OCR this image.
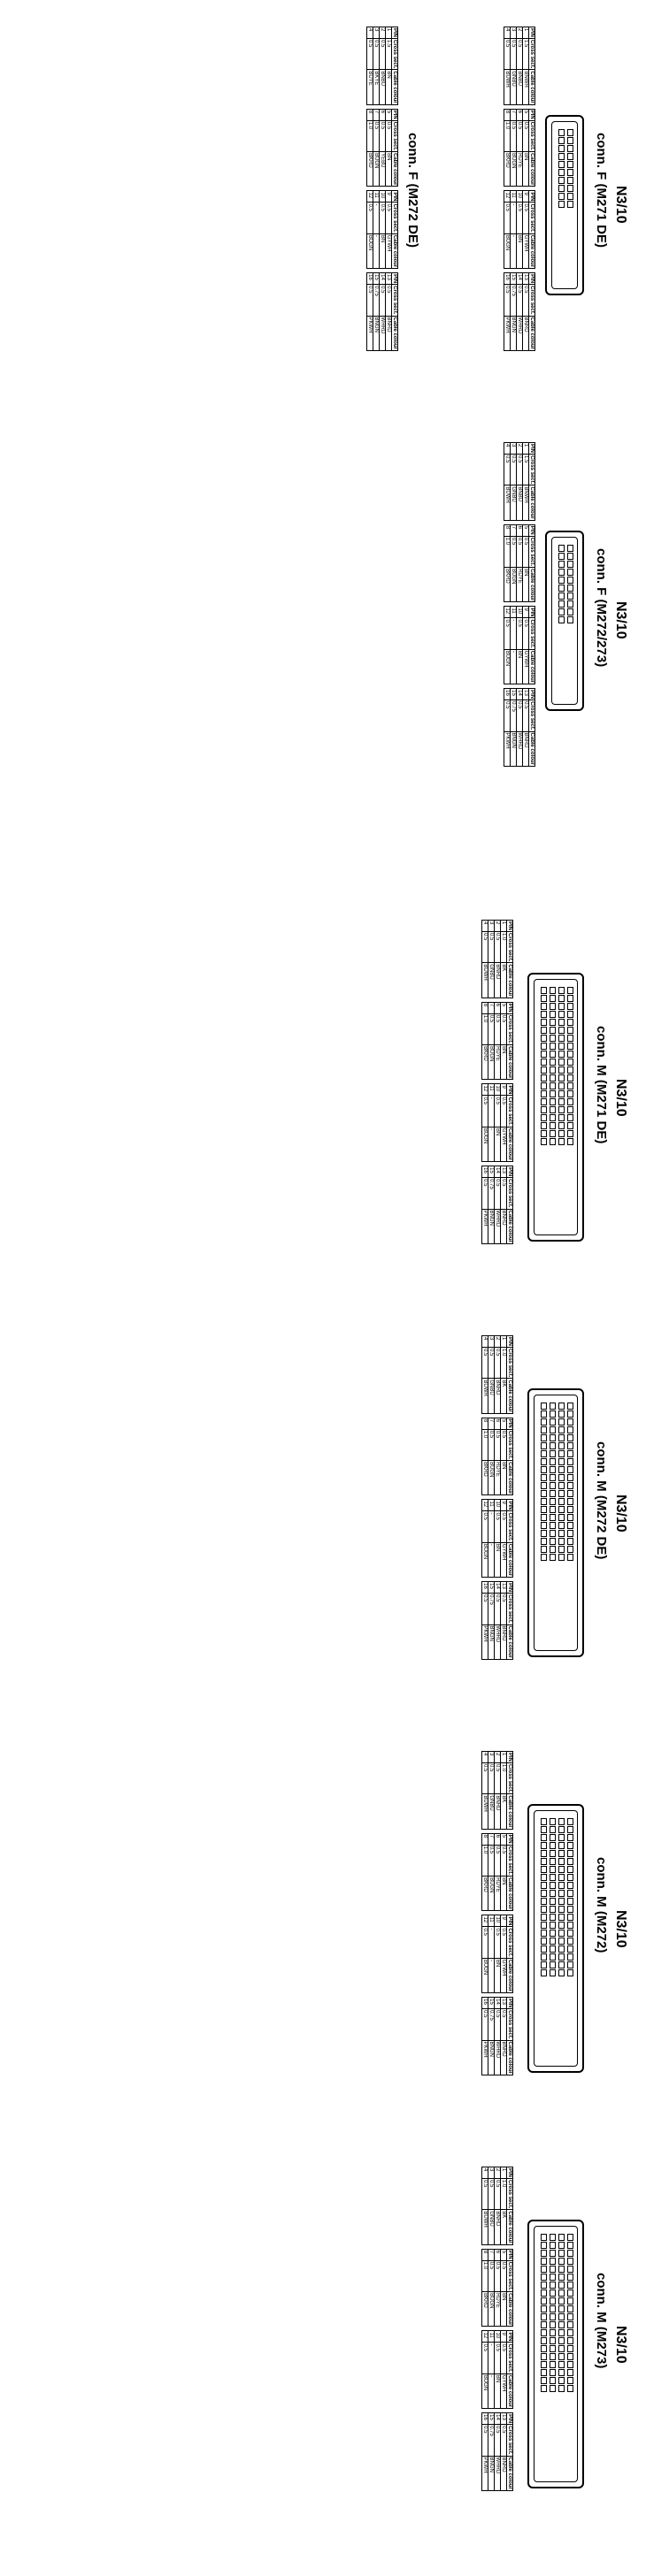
N3/10
conn. F (M271 DE)
PIN	Cross sect.	Cable colour		PIN	Cross sect.	Cable colour		PIN	Cross sect.	Cable colour		PIN	Cross sect.	Cable colour
1	1.5	BNWH		5	0.5	BN		9	0.5	GYWH		13	0.5	BNRD
2	0.5	BNBU		6	0.5	RDYE		10	0.5	BN		14	0.5	WHRD
3	0.5	GNBU		7	0.5	BUGN		11	-	-		15	0.75	BNGN
4	0.5	BUWH		8	1.0	BKRD		12	0.5	BUGN		16	0.5	PKWH
PIN	Cross sect.	Cable colour		PIN	Cross sect.	Cable colour		PIN	Cross sect.	Cable colour		PIN	Cross sect.	Cable colour
1	1.5	BN		5	0.5	BN		9	0.5	GYWH		13	0.5	BNRD
2	0.5	BNBU		6	0.5	YEBU		10	0.5	BN		14	0.5	WHRD
3	0.5	BKYE		7	0.5	BUGN		11	-	-		15	0.75	BNGN
4	0.5	BUYE		8	1.0	BKRD		12	0.5	BUGN		16	0.5	PKWH
conn. F (M272 DE)
N3/10
conn. F (M272/273)
PIN	Cross sect.	Cable colour		PIN	Cross sect.	Cable colour		PIN	Cross sect.	Cable colour		PIN	Cross sect.	Cable colour
1	1.5	BNWH		5	0.5	BN		9	0.5	GYWH		13	0.5	BNRD
2	0.5	BNBU		6	0.5	RDYE		10	0.5	BN		14	0.5	WHRD
3	0.5	GNBU		7	0.5	BUGN		11	-	-		15	0.75	BNGN
4	0.5	BUWH		8	1.0	BKRD		12	0.5	BUGN		16	0.5	PKWH
N3/10
conn. M (M271 DE)
PIN	Cross sect.	Cable colour		PIN	Cross sect.	Cable colour		PIN	Cross sect.	Cable colour		PIN	Cross sect.	Cable colour
1	1.0	BK		5	0.5	BN		9	0.5	GYWH		13	0.5	BNRD
2	0.5	BNRD		6	0.5	RDYE		10	0.5	BN		14	0.5	WHRD
3	0.5	GNBU		7	0.5	BUGN		11	-	-		15	0.75	BNGN
4	0.5	BUWH		8	1.0	BKRD		12	0.5	BUGN		16	0.5	PKWH
N3/10
conn. M (M272 DE)
PIN	Cross sect.	Cable colour		PIN	Cross sect.	Cable colour		PIN	Cross sect.	Cable colour		PIN	Cross sect.	Cable colour
1	1.0	BK		5	0.5	BN		9	0.5	GYWH		13	0.5	BNRD
2	0.5	BNRD		6	0.5	RDYE		10	0.5	BN		14	0.5	WHRD
3	0.5	GNBU		7	0.5	BUGN		11	-	-		15	0.75	BNGN
4	0.5	BUWH		8	1.0	BKRD		12	0.5	BUGN		16	0.5	PKWH
N3/10
conn. M (M272)
PIN	Cross sect.	Cable colour		PIN	Cross sect.	Cable colour		PIN	Cross sect.	Cable colour		PIN	Cross sect.	Cable colour
1	1.0	BK		5	0.5	BN		9	0.5	GYWH		13	0.5	BNRD
2	0.5	BNRD		6	0.5	RDYE		10	0.5	BN		14	0.5	WHRD
3	0.5	GNBU		7	0.5	BUGN		11	-	-		15	0.75	BNGN
4	0.5	BUWH		8	1.0	BKRD		12	0.5	BUGN		16	0.5	PKWH
N3/10
conn. M (M273)
PIN	Cross sect.	Cable colour		PIN	Cross sect.	Cable colour		PIN	Cross sect.	Cable colour		PIN	Cross sect.	Cable colour
1	1.0	BK		5	0.5	BN		9	0.5	GYWH		13	0.5	BNRD
2	0.5	BNRD		6	0.5	RDYE		10	0.5	BN		14	0.5	WHRD
3	0.5	GNBU		7	0.5	BUGN		11	-	-		15	0.75	BNGN
4	0.5	BUWH		8	1.0	BKRD		12	0.5	BUGN		16	0.5	PKWH
